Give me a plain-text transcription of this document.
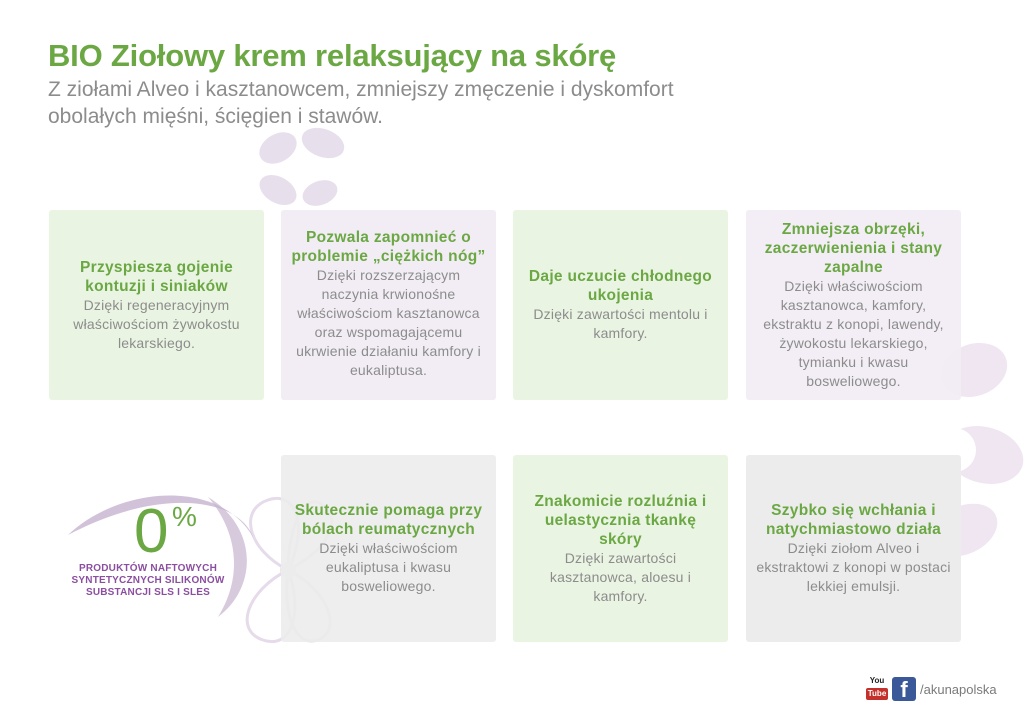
BIO Ziołowy krem relaksujący na skórę
Z ziołami Alveo i kasztanowcem, zmniejszy zmęczenie i dyskomfort obolałych mięśni, ścięgien i stawów.
Przyspiesza gojenie kontuzji i siniaków
Dzięki regeneracyjnym właściwościom żywokostu lekarskiego.
Pozwala zapomnieć o problemie „ciężkich nóg”
Dzięki rozszerzającym naczynia krwionośne właściwościom kasztanowca oraz wspomagającemu ukrwienie działaniu kamfory i eukaliptusa.
Daje uczucie chłodnego ukojenia
Dzięki zawartości mentolu i kamfory.
Zmniejsza obrzęki, zaczerwienienia i stany zapalne
Dzięki właściwościom kasztanowca, kamfory, ekstraktu z konopi, lawendy, żywokostu lekarskiego, tymianku i kwasu bosweliowego.
0 %
PRODUKTÓW NAFTOWYCH
SYNTETYCZNYCH SILIKONÓW
SUBSTANCJI SLS I SLES
Skutecznie pomaga przy bólach reumatycznych
Dzięki właściwościom eukaliptusa i kwasu bosweliowego.
Znakomicie rozluźnia i uelastycznia tkankę skóry
Dzięki zawartości kasztanowca, aloesu i kamfory.
Szybko się wchłania i natychmiastowo działa
Dzięki ziołom Alveo i ekstraktowi z konopi w postaci lekkiej emulsji.
You
Tube f /akunapolska
